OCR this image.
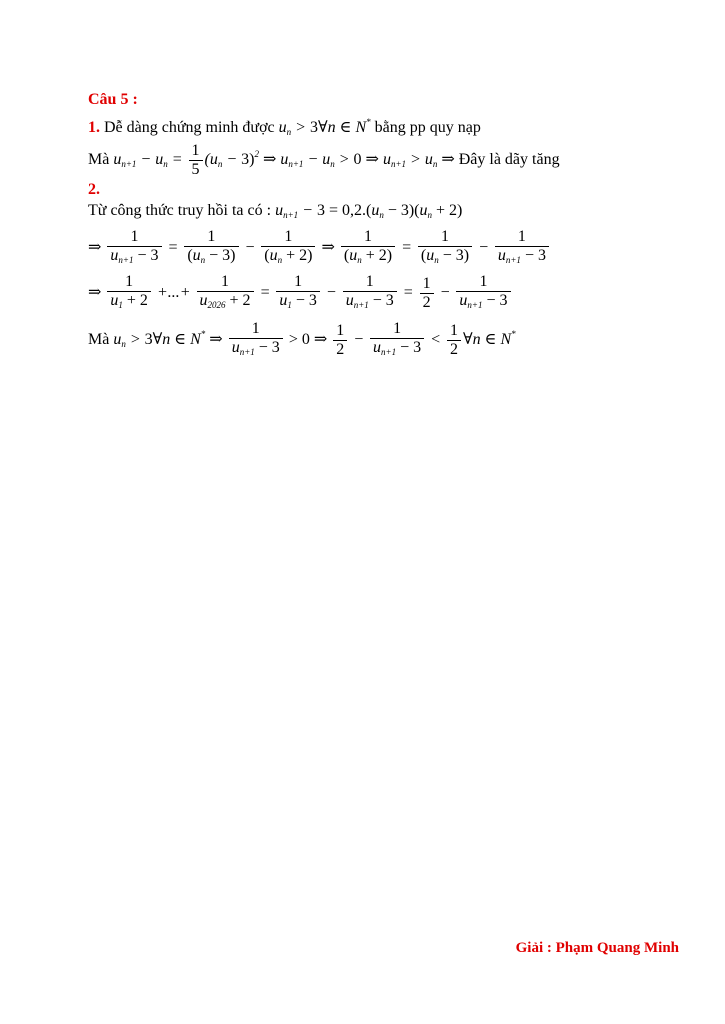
Câu 5 :
1. Dễ dàng chứng minh được $u_n$ > 3∀n ∈ N* bằng pp quy nạp
Mà $u_{n+1} - u_n = \frac{1}{5} (u_n - 3)^2$ ⇒ $u_{n+1} - u_n > 0$ ⇒ $u_{n+1} > u_n$ ⇒ Đây là dãy tăng
2.
Từ công thức truy hồi ta có : $u_{n+1} - 3 = 0,2.(u_n - 3)(u_n + 2)$
⇒ $\frac{1}{u_{n+1} - 3} = \frac{1}{(u_n - 3)} - \frac{1}{(u_n + 2)}$ ⇒ $\frac{1}{(u_n + 2)} = \frac{1}{(u_n - 3)} - \frac{1}{u_{n+1} - 3}$
⇒ $\frac{1}{u_1 + 2}$ +...+ $\frac{1}{u_{2026} + 2} = \frac{1}{u_1 - 3} - \frac{1}{u_{n+1} - 3} = \frac{1}{2} - \frac{1}{u_{n+1} - 3}$
Mà $u_n$ > 3∀n ∈ N* ⇒ $\frac{1}{u_{n+1} - 3} > 0$ ⇒ $\frac{1}{2} - \frac{1}{u_{n+1} - 3} < \frac{1}{2}$ ∀n ∈ N*
Giải : Phạm Quang Minh
